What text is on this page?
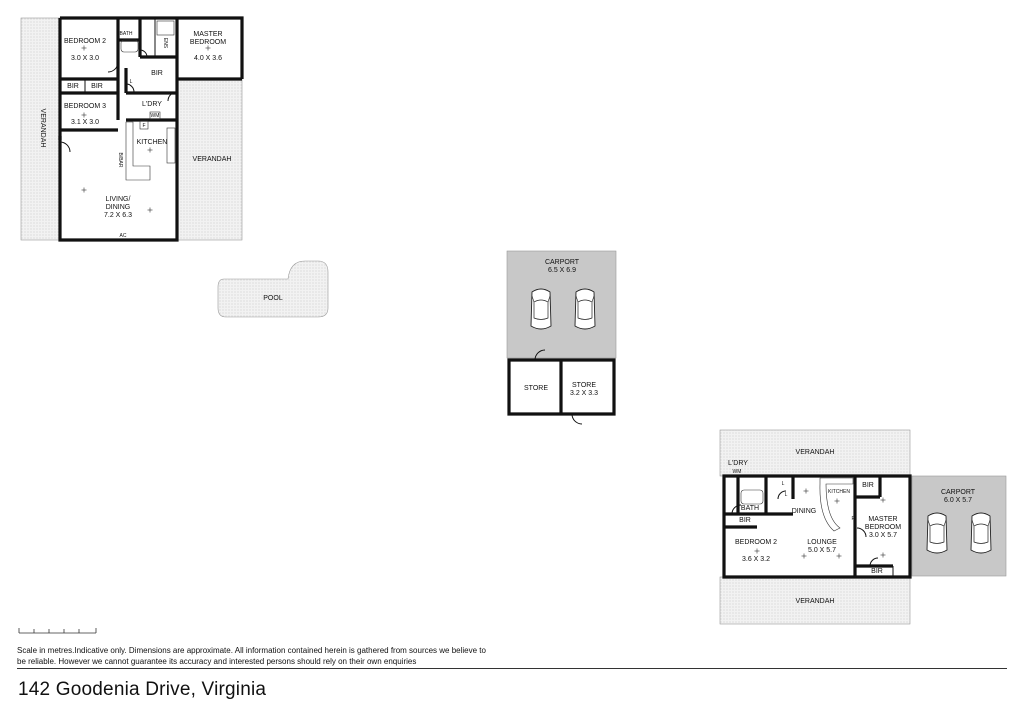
VERANDAH
VERANDAH
BEDROOM 2
3.0 X 3.0
BATH
ENS
MASTER
BEDROOM
4.0 X 3.6
BIR BIR
BIR
L
BEDROOM 3
3.1 X 3.0
L'DRY
WM
F
B/BAR
KITCHEN
LIVING/
DINING
7.2 X 6.3
AC
POOL
CARPORT
6.5 X 6.9
STORE	STORE
3.2 X 3.3
VERANDAH
VERANDAH
CARPORT
6.0 X 5.7
L'DRY
WM
BATH
L
L
DINING
KITCHEN
BIR
BIR
BIR
F MASTER
BEDROOM
3.0 X 5.7
BEDROOM 2
3.6 X 3.2
LOUNGE
5.0 X 5.7

Scale in metres.Indicative only. Dimensions are approximate. All information contained herein is gathered from sources we believe to be reliable. However we cannot guarantee its accuracy and interested persons should rely on their own enquiries

142 Goodenia Drive, Virginia
